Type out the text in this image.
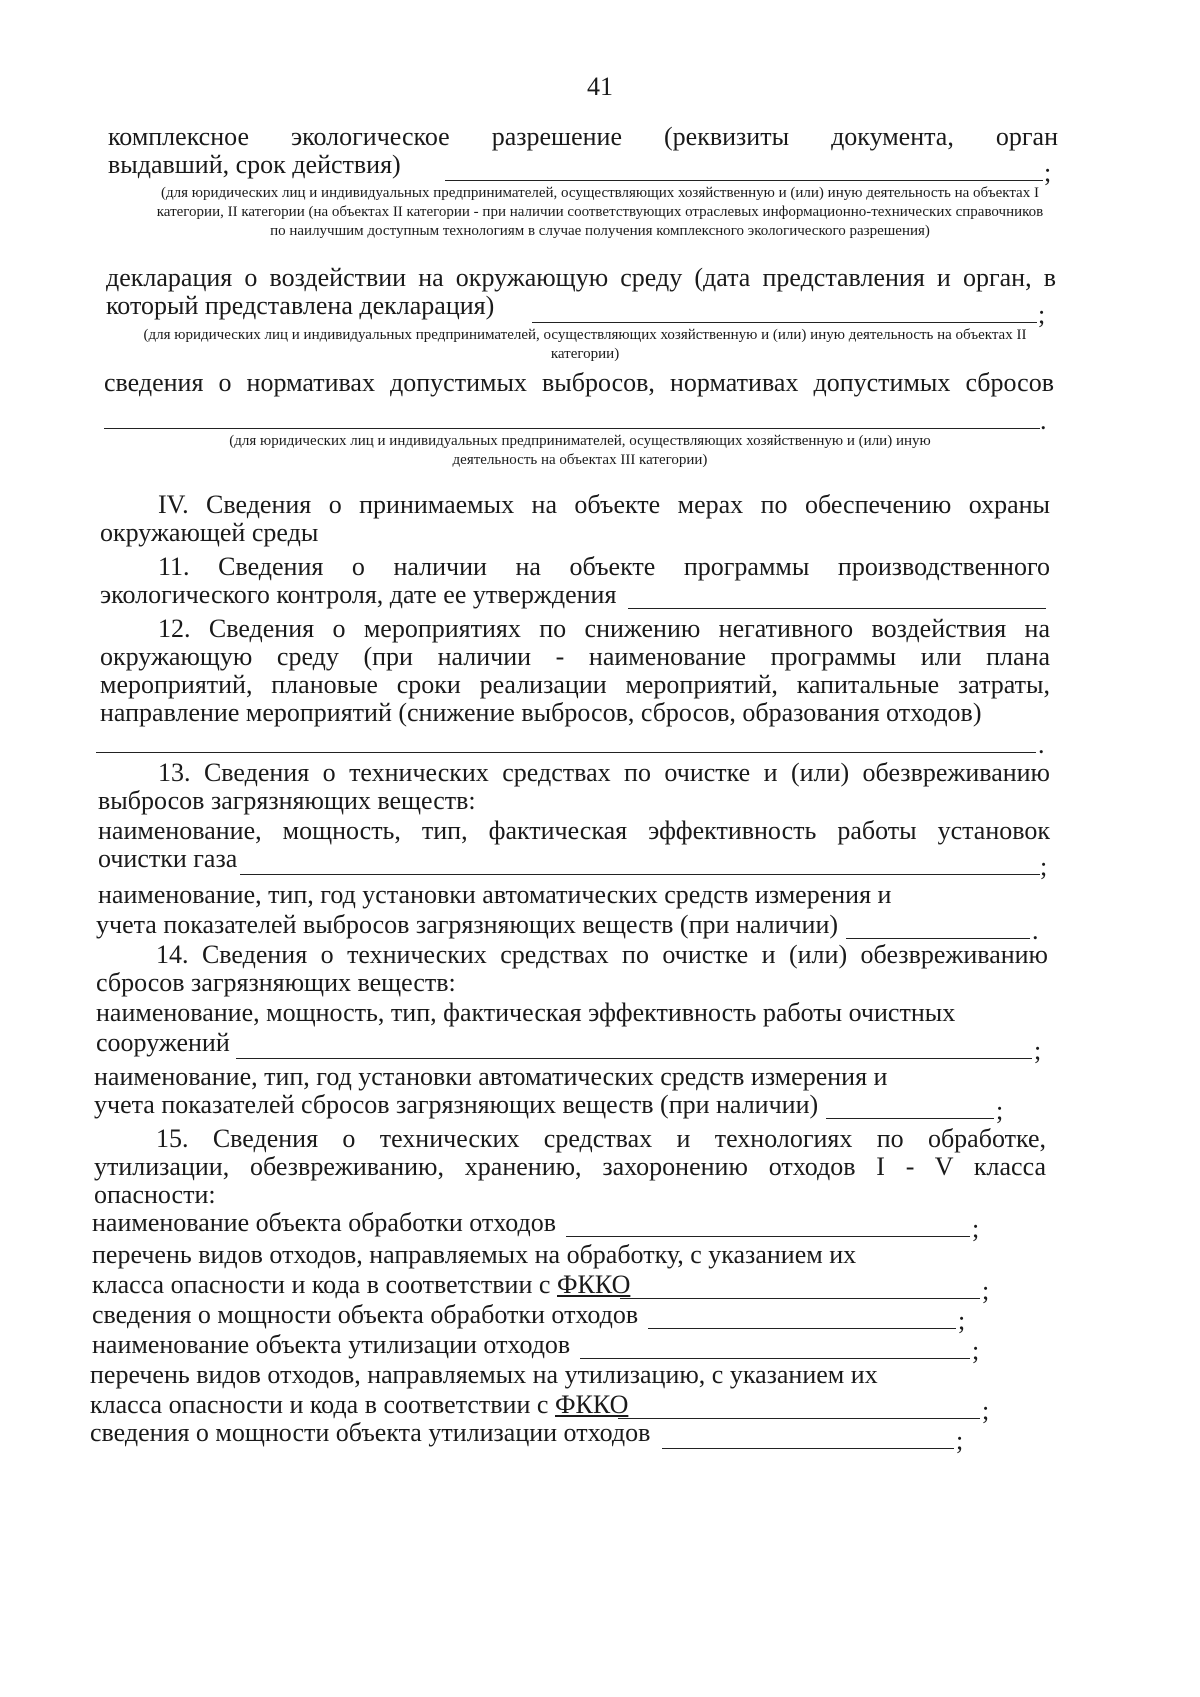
41
комплексное экологическое разрешение (реквизиты документа, орган
выдавший, срок действия)	;
(для юридических лиц и индивидуальных предпринимателей, осуществляющих хозяйственную и (или) иную деятельность на объектах I категории, II категории (на объектах II категории - при наличии соответствующих отраслевых информационно-технических справочников по наилучшим доступным технологиям в случае получения комплексного экологического разрешения)
декларация о воздействии на окружающую среду (дата представления и орган, в
который представлена декларация)	;
(для юридических лиц и индивидуальных предпринимателей, осуществляющих хозяйственную и (или) иную деятельность на объектах II категории)
сведения о нормативах допустимых выбросов, нормативах допустимых сбросов
.
(для юридических лиц и индивидуальных предпринимателей, осуществляющих хозяйственную и (или) иную деятельность на объектах III категории)
IV. Сведения о принимаемых на объекте мерах по обеспечению охраны
окружающей среды
11. Сведения о наличии на объекте программы производственного
экологического контроля, дате ее утверждения
12. Сведения о мероприятиях по снижению негативного воздействия на
окружающую среду (при наличии - наименование программы или плана
мероприятий, плановые сроки реализации мероприятий, капитальные затраты,
направление мероприятий (снижение выбросов, сбросов, образования отходов)
.
13. Сведения о технических средствах по очистке и (или) обезвреживанию
выбросов загрязняющих веществ:
наименование, мощность, тип, фактическая эффективность работы установок
очистки газа	;
наименование, тип, год установки автоматических средств измерения и
учета показателей выбросов загрязняющих веществ (при наличии)	.
14. Сведения о технических средствах по очистке и (или) обезвреживанию
сбросов загрязняющих веществ:
наименование, мощность, тип, фактическая эффективность работы очистных
сооружений	;
наименование, тип, год установки автоматических средств измерения и
учета показателей сбросов загрязняющих веществ (при наличии)	;
15. Сведения о технических средствах и технологиях по обработке,
утилизации, обезвреживанию, хранению, захоронению отходов I - V класса
опасности:
наименование объекта обработки отходов	;
перечень видов отходов, направляемых на обработку, с указанием их
класса опасности и кода в соответствии с ФККО	;
сведения о мощности объекта обработки отходов	;
наименование объекта утилизации отходов	;
перечень видов отходов, направляемых на утилизацию, с указанием их
класса опасности и кода в соответствии с ФККО	;
сведения о мощности объекта утилизации отходов	;
